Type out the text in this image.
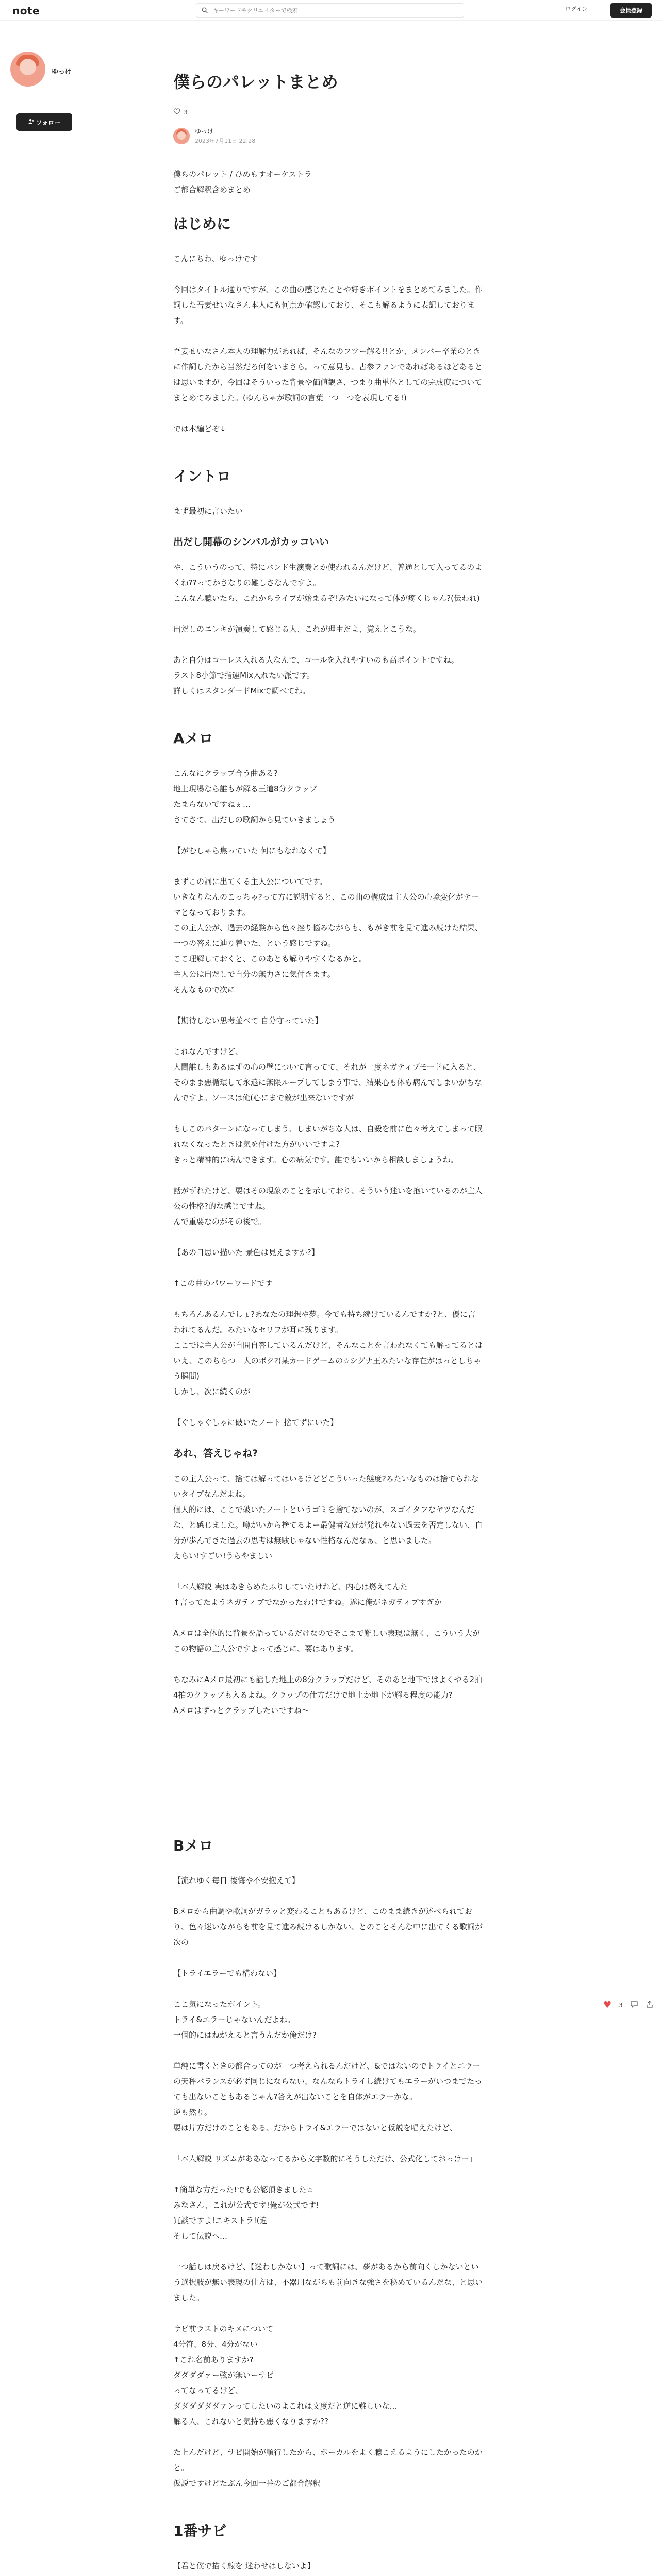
note
キーワードやクリエイターで検索	ログイン	会員登録
ゆっけ
フォロー
僕らのパレットまとめ
3
ゆっけ
2023年7月11日 22:28

僕らのパレット / ひめもすオーケストラ
ご都合解釈含めまとめ

はじめに

こんにちわ、ゆっけです

今回はタイトル通りですが、この曲の感じたことや好きポイントをまとめてみました。作詞した吾妻せいなさん本人にも何点か確認しており、そこも解るように表記しております。

吾妻せいなさん本人の理解力があれば、そんなのフツー解る!!とか、メンバー卒業のときに作詞したから当然だろ何をいまさら。って意見も、古参ファンであればあるほどあるとは思いますが、今回はそういった背景や価値観さ、つまり曲単体としての完成度についてまとめてみました。(ゆんちゃが歌詞の言葉一つ一つを表現してる!)

では本編どぞ↓

イントロ

まず最初に言いたい

出だし開幕のシンバルがカッコいい

や、こういうのって、特にバンド生演奏とか使われるんだけど、普通として入ってるのよくね??ってかさなりの難しさなんですよ。
こんなん聴いたら、これからライブが始まるぞ!みたいになって体が疼くじゃん?(伝われ)

出だしのエレキが演奏して感じる人、これが理由だよ、覚えとこうな。

あと自分はコーレス入れる人なんで、コールを入れやすいのも高ポイントですね。
ラスト8小節で指運Mix入れたい派です。
詳しくはスタンダードMixで調べてね。

Aメロ

こんなにクラップ合う曲ある?
地上現場なら誰もが解る王道8分クラップ
たまらないですねぇ…
さてさて、出だしの歌詞から見ていきましょう

【がむしゃら焦っていた 何にもなれなくて】

まずこの詞に出てくる主人公についてです。
いきなりなんのこっちゃ?って方に説明すると、この曲の構成は主人公の心境変化がテーマとなっております。
この主人公が、過去の経験から色々挫り悩みながらも、もがき前を見て進み続けた結果、一つの答えに辿り着いた、という感じですね。
ここ理解しておくと、このあとも解りやすくなるかと。
主人公は出だしで自分の無力さに気付きます。
そんなもので次に

【期待しない思考並べて 自分守っていた】

これなんですけど、
人間誰しもあるはずの心の壁について言ってて、それが一度ネガティブモードに入ると、そのまま悪循環して永遠に無限ループしてしまう事で、結果心も体も病んでしまいがちなんですよ。ソースは俺(心にまで敵が出来ないですが

もしこのパターンになってしまう、しまいがちな人は、自殺を前に色々考えてしまって眠れなくなったときは気を付けた方がいいですよ?
きっと精神的に病んできます。心の病気です。誰でもいいから相談しましょうね。

話がずれたけど、要はその現象のことを示しており、そういう迷いを抱いているのが主人公の性格?的な感じですね。
んで重要なのがその後で。

【あの日思い描いた 景色は見えますか?】

↑この曲のパワーワードです

もちろんあるんでしょ?あなたの理想や夢。今でも持ち続けているんですか?と、優に言われてるんだ。みたいなセリフが耳に残ります。
ここでは主人公が自問自答しているんだけど、そんなことを言われなくても解ってるとはいえ、このちらつ一人のボク?(某カードゲームの☆シグナ王みたいな存在がはっとしちゃう瞬間)
しかし、次に続くのが

【ぐしゃぐしゃに破いたノート 捨てずにいた】

あれ、答えじゃね?

この主人公って、捨ては解ってはいるけどどこういった態度?みたいなものは捨てられないタイプなんだよね。
個人的には、ここで破いたノートというゴミを捨てないのが、スゴイタフなヤツなんだな、と感じました。噂がいから捨てるよー最健者な好が発れやない過去を否定しない、自分が歩んできた過去の思考は無駄じゃない性格なんだなぁ、と思いました。
えらい!すごい!うらやましい

「本人解説 実はあきらめたふりしていたけれど、内心は燃えてんた」
↑言ってたようネガティブでなかったわけですね。遂に俺がネガティブすぎか

Aメロは全体的に背景を語っているだけなのでそこまで難しい表現は無く、こういう大がこの物語の主人公ですよって感じに、要はあります。

ちなみにAメロ最初にも話した地上の8分クラップだけど、そのあと地下ではよくやる2拍4拍のクラップも入るよね。クラップの仕方だけで地上か地下が解る程度の能力?
Aメロはずっとクラップしたいですね〜

Bメロ

【流れゆく毎日 後悔や不安抱えて】

Bメロから曲調や歌詞がガラッと変わることもあるけど、このまま続きが述べられており、色々迷いながらも前を見て進み続けるしかない、とのことそんな中に出てくる歌詞が次の

【トライエラーでも構わない】

ここ気になったポイント。
トライ&エラーじゃないんだよね。
一個的にはねがえると言うんだか俺だけ?

単純に書くときの都合ってのが一つ考えられるんだけど、&ではないのでトライとエラーの天秤バランスが必ず同じにならない、なんならトライし続けてもエラーがいつまでたっても出ないこともあるじゃん?答えが出ないことを自体がエラーかな。
逆も然り。
要は片方だけのこともある、だからトライ&エラーではないと仮説を唱えたけど、

「本人解説 リズムがああなってるから文字数的にそうしただけ、公式化しておっけー」

↑簡単な方だった!でも公認頂きました☆
みなさん、これが公式です!俺が公式です!
冗談ですよ!エキストラ!(違
そして伝説へ…

一つ話しは戻るけど、【迷わしかない】って歌詞には、夢があるから前向くしかないという選択肢が無い表現の仕方は、不器用ながらも前向きな強さを秘めているんだな、と思いました。

サビ前ラストのキメについて
4分符、8分、4分がない
↑これ名前ありますか?
ダダダダァー弦が無いーサビ
ってなってるけど、
ダダダダダダァンってしたいのよこれは文度だと逆に難しいな…
解る人、これないと気持ち悪くなりますか??

た上んだけど、サビ開始が順行したから、ボーカルをよく聴こえるようにしたかったのかと。
仮説ですけどたぶん今回一番のご都合解釈

1番サビ

【君と僕で描く線を 迷わせはしないよ】

♥ 3
